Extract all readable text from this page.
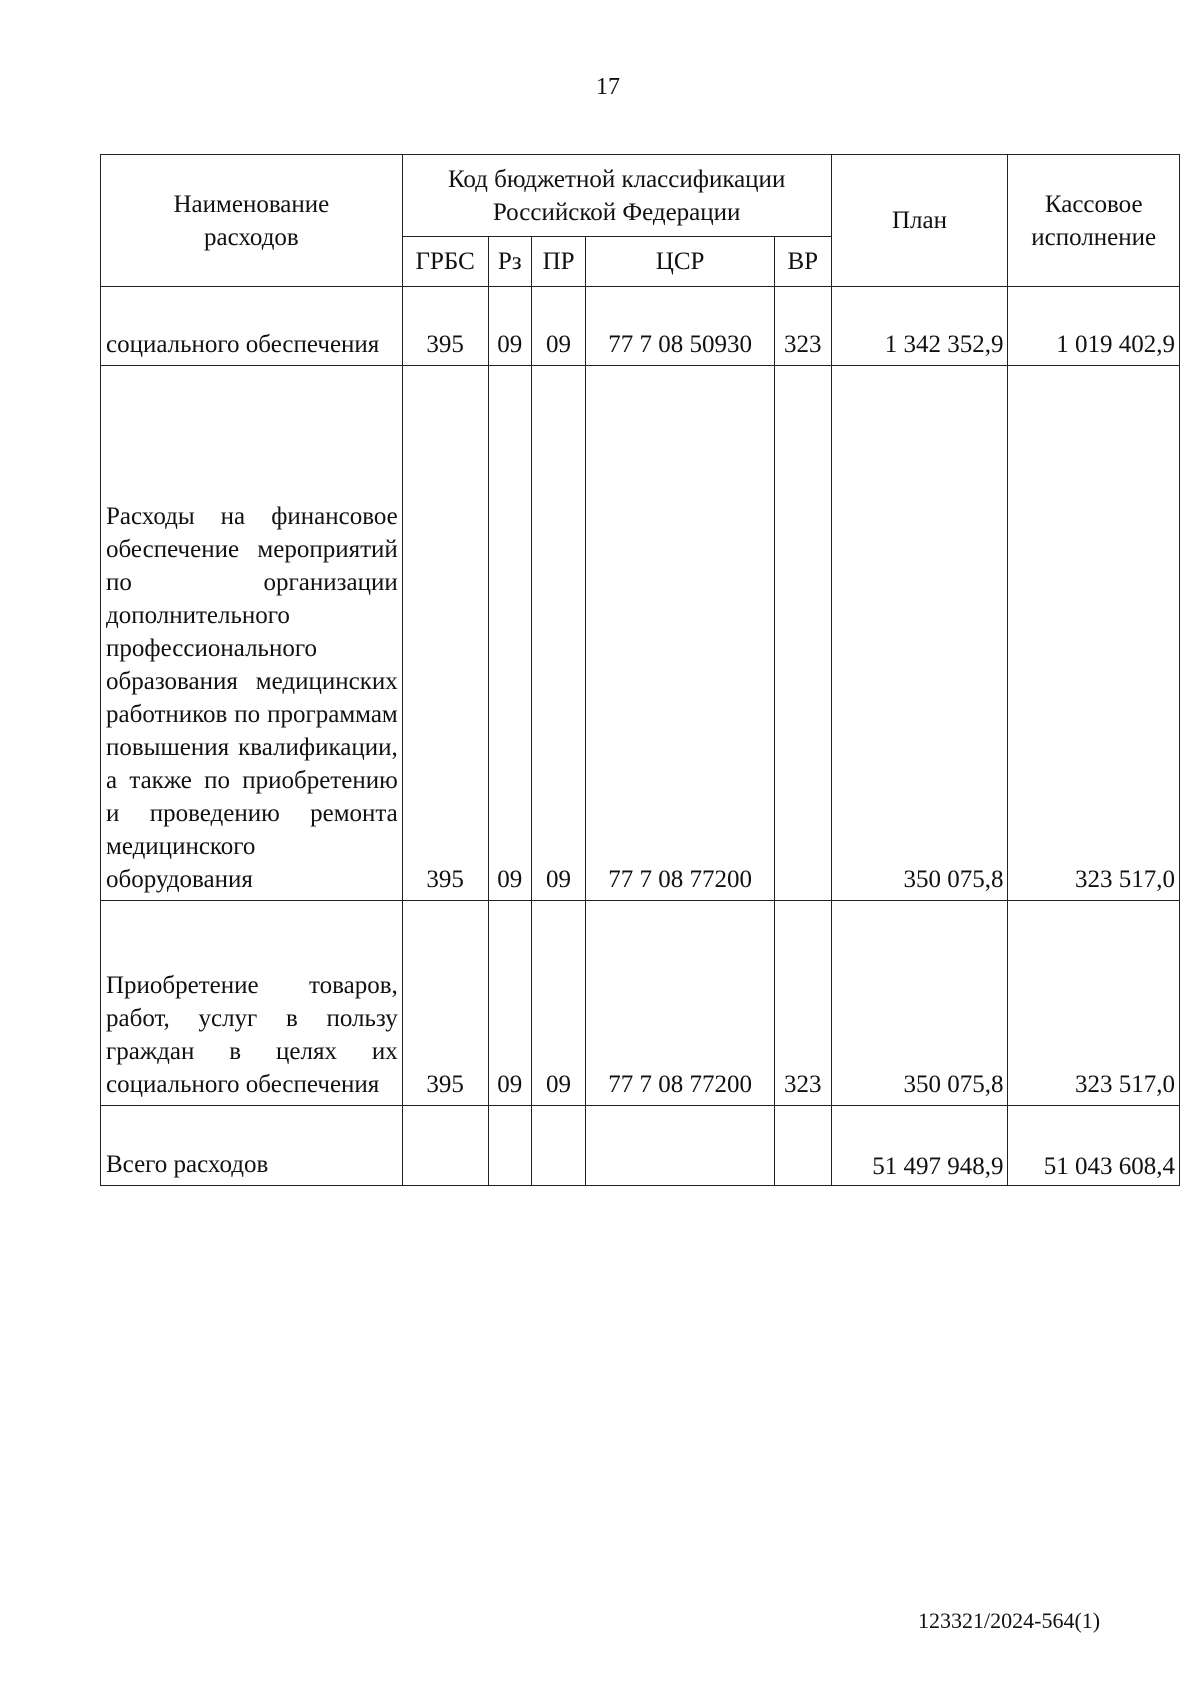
17
Наименование расходов	Код бюджетной классификации Российской Федерации					План	Кассовое исполнение
	ГРБС	Рз	ПР	ЦСР	ВР		
социального обеспечения	395	09	09	77 7 08 50930	323	1 342 352,9	1 019 402,9
Расходы на финансовое обеспечение мероприятий по организации дополнительного профессионального образования медицинских работников по программам повышения квалификации, а также по приобретению и проведению ремонта медицинского оборудования	395	09	09	77 7 08 77200		350 075,8	323 517,0
Приобретение товаров, работ, услуг в пользу граждан в целях их социального обеспечения	395	09	09	77 7 08 77200	323	350 075,8	323 517,0
Всего расходов						51 497 948,9	51 043 608,4
123321/2024-564(1)
